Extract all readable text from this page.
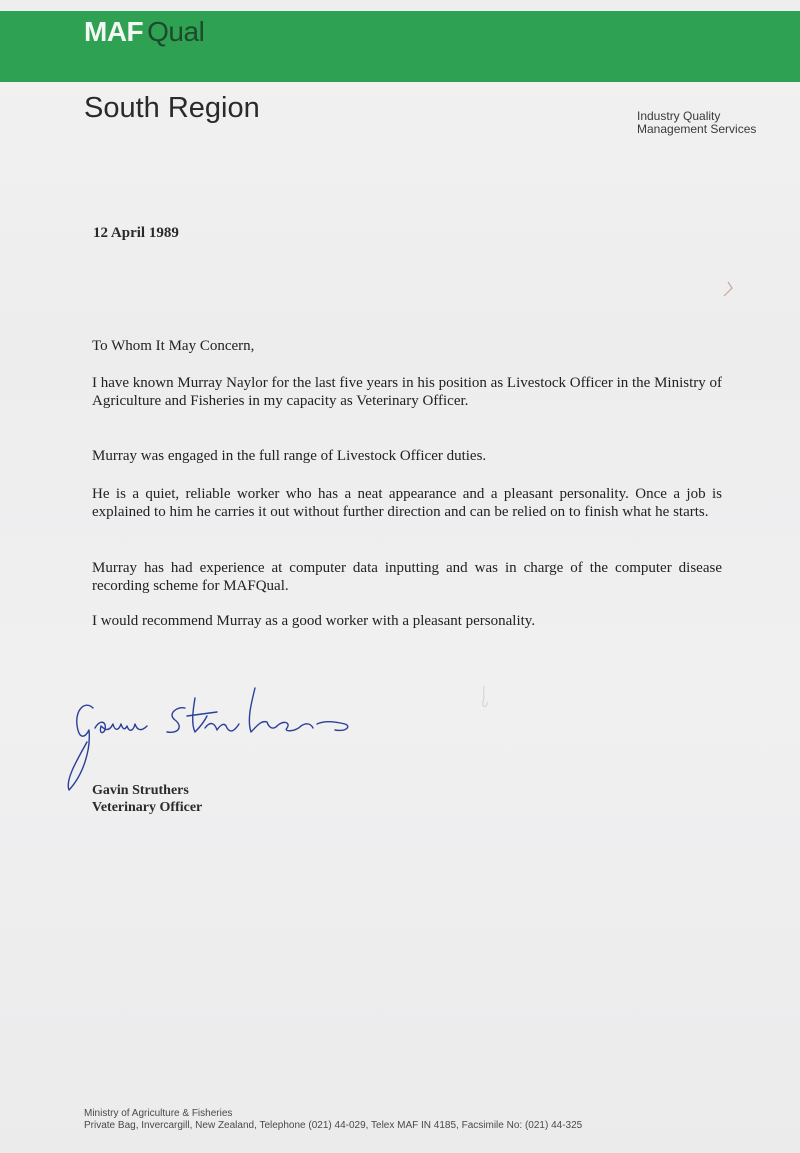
MAF Qual
South Region	Industry Quality
Management Services
12 April 1989
To Whom It May Concern,
I have known Murray Naylor for the last five years in his position as Livestock Officer in the Ministry of Agriculture and Fisheries in my capacity as Veterinary Officer.
Murray was engaged in the full range of Livestock Officer duties.
He is a quiet, reliable worker who has a neat appearance and a pleasant personality. Once a job is explained to him he carries it out without further direction and can be relied on to finish what he starts.
Murray has had experience at computer data inputting and was in charge of the computer disease recording scheme for MAFQual.
I would recommend Murray as a good worker with a pleasant personality.
Gavin Struthers
Veterinary Officer
Ministry of Agriculture & Fisheries
Private Bag, Invercargill, New Zealand, Telephone (021) 44-029, Telex MAF IN 4185, Facsimile No: (021) 44-325
